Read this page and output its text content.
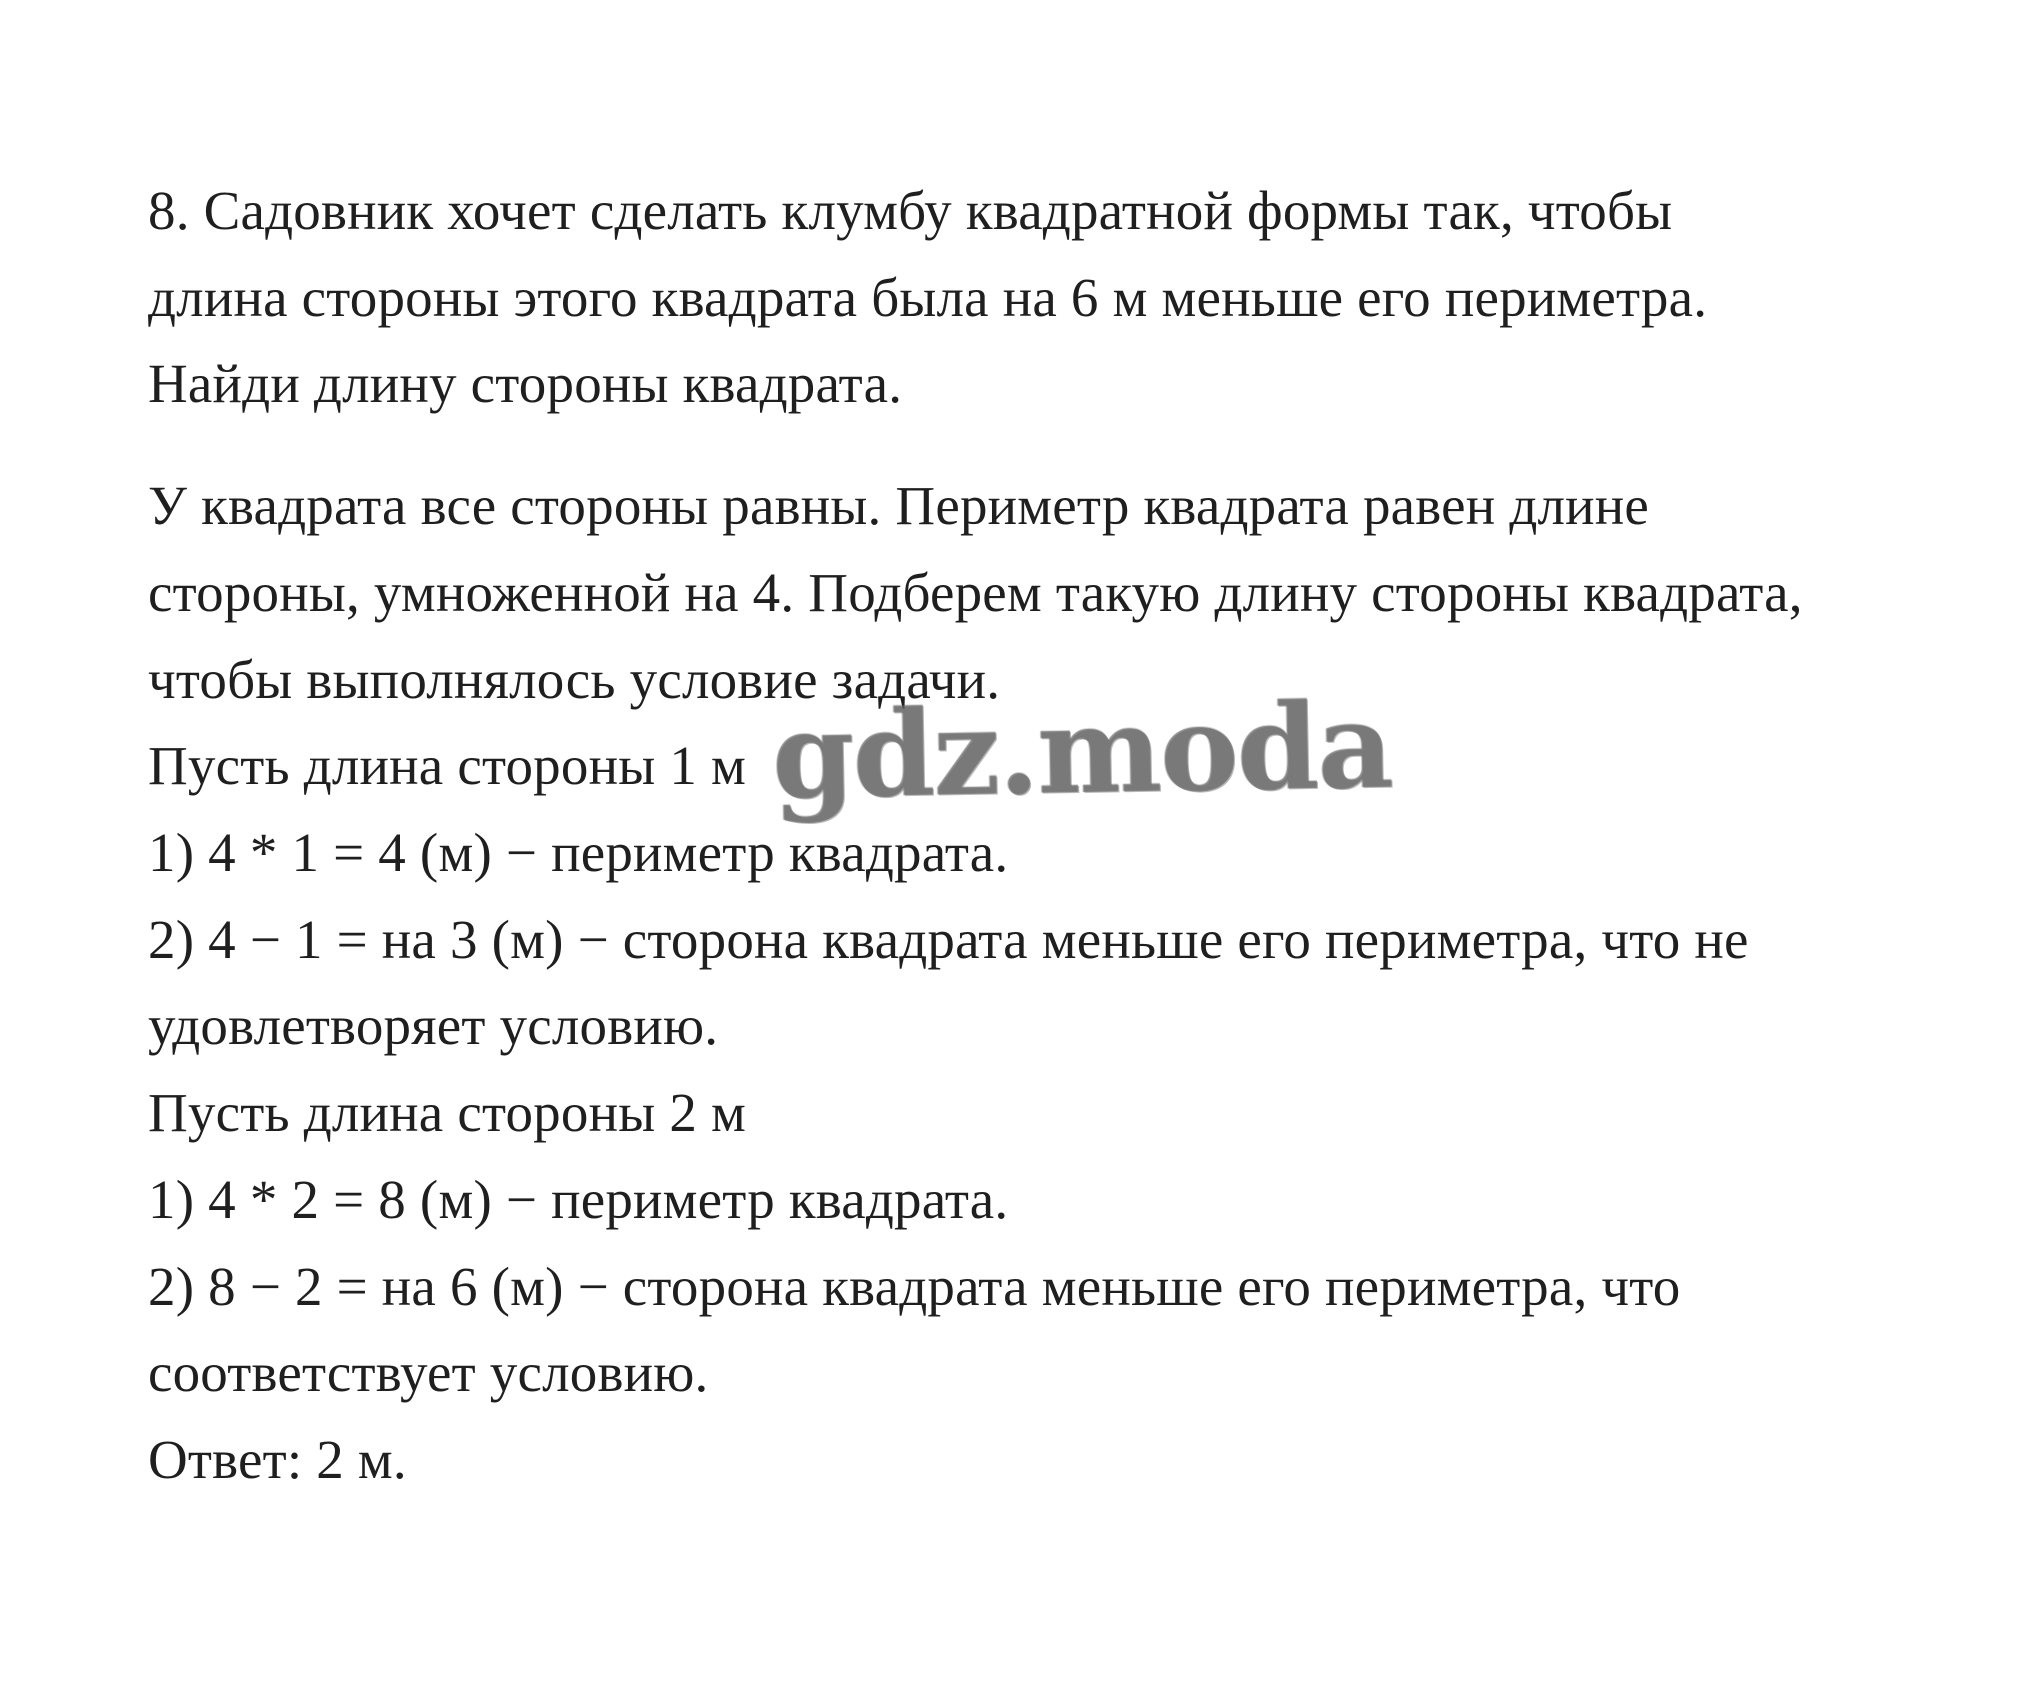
8. Садовник хочет сделать клумбу квадратной формы так, чтобы
длина стороны этого квадрата была на 6 м меньше его периметра.
Найди длину стороны квадрата.
У квадрата все стороны равны. Периметр квадрата равен длине
стороны, умноженной на 4. Подберем такую длину стороны квадрата,
чтобы выполнялось условие задачи.
Пусть длина стороны 1 м
1) 4 * 1 = 4 (м) − периметр квадрата.
2) 4 − 1 = на 3 (м) − сторона квадрата меньше его периметра, что не
удовлетворяет условию.
Пусть длина стороны 2 м
1) 4 * 2 = 8 (м) − периметр квадрата.
2) 8 − 2 = на 6 (м) − сторона квадрата меньше его периметра, что
соответствует условию.
Ответ: 2 м.
gdz.moda
